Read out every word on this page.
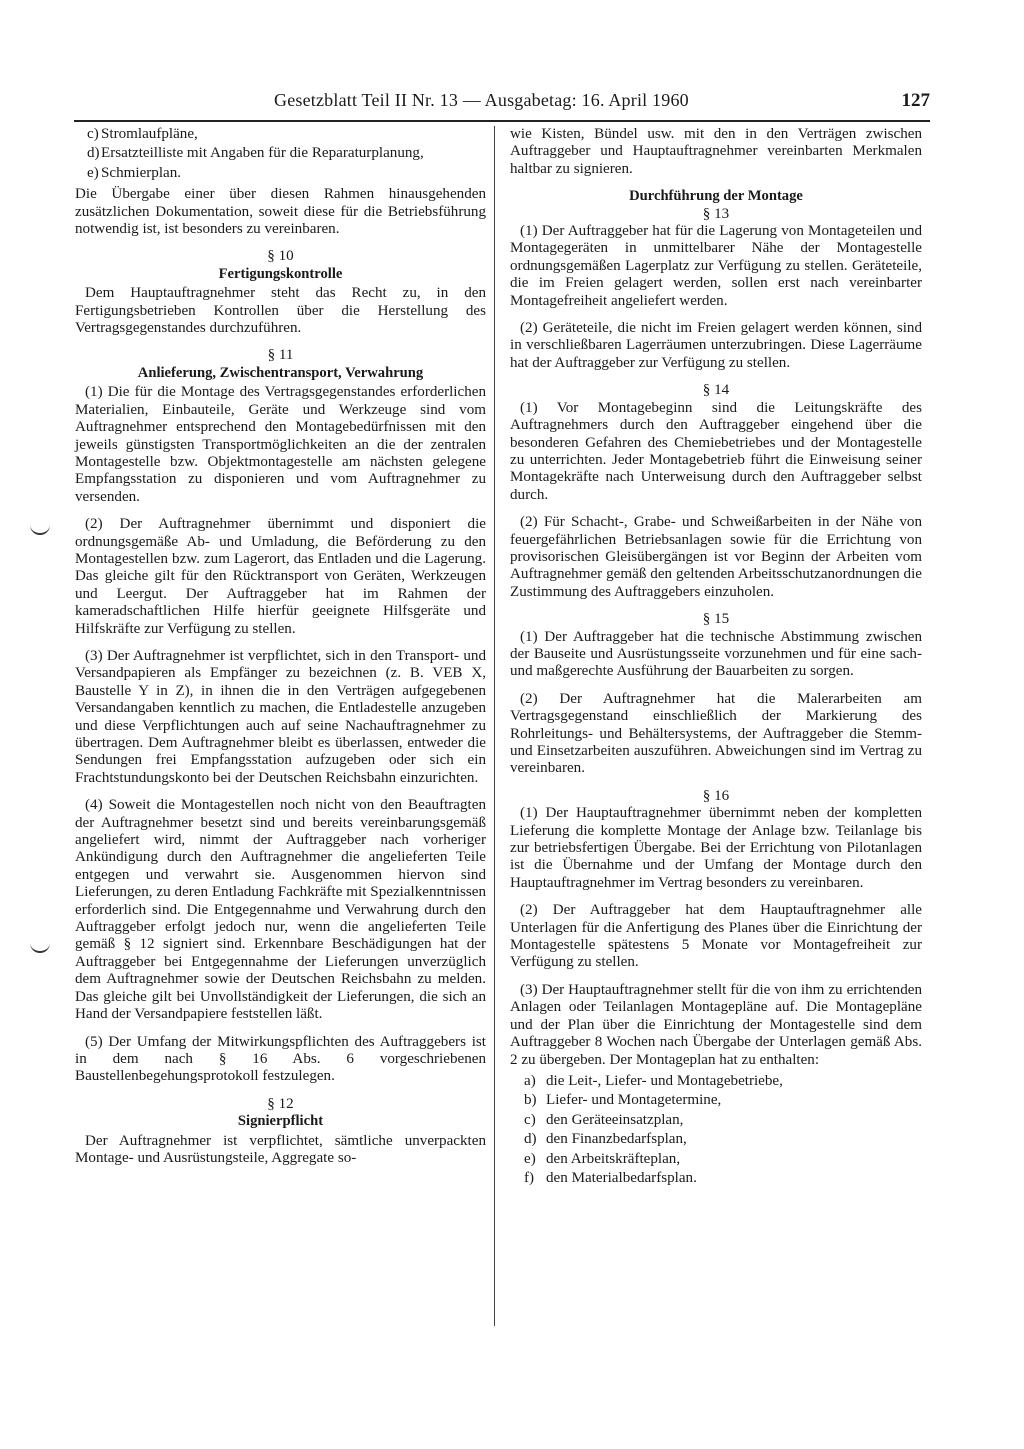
Gesetzblatt Teil II Nr. 13 — Ausgabetag: 16. April 1960	127
c) Stromlaufpläne,
d) Ersatzteilliste mit Angaben für die Reparaturplanung,
e) Schmierplan.

Die Übergabe einer über diesen Rahmen hinausgehenden zusätzlichen Dokumentation, soweit diese für die Betriebsführung notwendig ist, ist besonders zu vereinbaren.

§ 10
Fertigungskontrolle

Dem Hauptauftragnehmer steht das Recht zu, in den Fertigungsbetrieben Kontrollen über die Herstellung des Vertragsgegenstandes durchzuführen.

§ 11
Anlieferung, Zwischentransport, Verwahrung

(1) Die für die Montage des Vertragsgegenstandes erforderlichen Materialien, Einbauteile, Geräte und Werkzeuge sind vom Auftragnehmer entsprechend den Montagebedürfnissen mit den jeweils günstigsten Transportmöglichkeiten an die der zentralen Montagestelle bzw. Objektmontagestelle am nächsten gelegene Empfangsstation zu disponieren und vom Auftragnehmer zu versenden.

(2) Der Auftragnehmer übernimmt und disponiert die ordnungsgemäße Ab- und Umladung, die Beförderung zu den Montagestellen bzw. zum Lagerort, das Entladen und die Lagerung. Das gleiche gilt für den Rücktransport von Geräten, Werkzeugen und Leergut. Der Auftraggeber hat im Rahmen der kameradschaftlichen Hilfe hierfür geeignete Hilfsgeräte und Hilfskräfte zur Verfügung zu stellen.

(3) Der Auftragnehmer ist verpflichtet, sich in den Transport- und Versandpapieren als Empfänger zu bezeichnen (z. B. VEB X, Baustelle Y in Z), in ihnen die in den Verträgen aufgegebenen Versandangaben kenntlich zu machen, die Entladestelle anzugeben und diese Verpflichtungen auch auf seine Nachauftragnehmer zu übertragen. Dem Auftragnehmer bleibt es überlassen, entweder die Sendungen frei Empfangsstation aufzugeben oder sich ein Frachtstundungskonto bei der Deutschen Reichsbahn einzurichten.

(4) Soweit die Montagestellen noch nicht von den Beauftragten der Auftragnehmer besetzt sind und bereits vereinbarungsgemäß angeliefert wird, nimmt der Auftraggeber nach vorheriger Ankündigung durch den Auftragnehmer die angelieferten Teile entgegen und verwahrt sie. Ausgenommen hiervon sind Lieferungen, zu deren Entladung Fachkräfte mit Spezialkenntnissen erforderlich sind. Die Entgegennahme und Verwahrung durch den Auftraggeber erfolgt jedoch nur, wenn die angelieferten Teile gemäß § 12 signiert sind. Erkennbare Beschädigungen hat der Auftraggeber bei Entgegennahme der Lieferungen unverzüglich dem Auftragnehmer sowie der Deutschen Reichsbahn zu melden. Das gleiche gilt bei Unvollständigkeit der Lieferungen, die sich an Hand der Versandpapiere feststellen läßt.

(5) Der Umfang der Mitwirkungspflichten des Auftraggebers ist in dem nach § 16 Abs. 6 vorgeschriebenen Baustellenbegehungsprotokoll festzulegen.

§ 12
Signierpflicht

Der Auftragnehmer ist verpflichtet, sämtliche unverpackten Montage- und Ausrüstungsteile, Aggregate so-

wie Kisten, Bündel usw. mit den in den Verträgen zwischen Auftraggeber und Hauptauftragnehmer vereinbarten Merkmalen haltbar zu signieren.

Durchführung der Montage
§ 13

(1) Der Auftraggeber hat für die Lagerung von Montageteilen und Montagegeräten in unmittelbarer Nähe der Montagestelle ordnungsgemäßen Lagerplatz zur Verfügung zu stellen. Geräteteile, die im Freien gelagert werden, sollen erst nach vereinbarter Montagefreiheit angeliefert werden.

(2) Geräteteile, die nicht im Freien gelagert werden können, sind in verschließbaren Lagerräumen unterzubringen. Diese Lagerräume hat der Auftraggeber zur Verfügung zu stellen.

§ 14

(1) Vor Montagebeginn sind die Leitungskräfte des Auftragnehmers durch den Auftraggeber eingehend über die besonderen Gefahren des Chemiebetriebes und der Montagestelle zu unterrichten. Jeder Montagebetrieb führt die Einweisung seiner Montagekräfte nach Unterweisung durch den Auftraggeber selbst durch.

(2) Für Schacht-, Grabe- und Schweißarbeiten in der Nähe von feuergefährlichen Betriebsanlagen sowie für die Errichtung von provisorischen Gleisübergängen ist vor Beginn der Arbeiten vom Auftragnehmer gemäß den geltenden Arbeitsschutzanordnungen die Zustimmung des Auftraggebers einzuholen.

§ 15

(1) Der Auftraggeber hat die technische Abstimmung zwischen der Bauseite und Ausrüstungsseite vorzunehmen und für eine sach- und maßgerechte Ausführung der Bauarbeiten zu sorgen.

(2) Der Auftragnehmer hat die Malerarbeiten am Vertragsgegenstand einschließlich der Markierung des Rohrleitungs- und Behältersystems, der Auftraggeber die Stemm- und Einsetzarbeiten auszuführen. Abweichungen sind im Vertrag zu vereinbaren.

§ 16

(1) Der Hauptauftragnehmer übernimmt neben der kompletten Lieferung die komplette Montage der Anlage bzw. Teilanlage bis zur betriebsfertigen Übergabe. Bei der Errichtung von Pilotanlagen ist die Übernahme und der Umfang der Montage durch den Hauptauftragnehmer im Vertrag besonders zu vereinbaren.

(2) Der Auftraggeber hat dem Hauptauftragnehmer alle Unterlagen für die Anfertigung des Planes über die Einrichtung der Montagestelle spätestens 5 Monate vor Montagefreiheit zur Verfügung zu stellen.

(3) Der Hauptauftragnehmer stellt für die von ihm zu errichtenden Anlagen oder Teilanlagen Montagepläne auf. Die Montagepläne und der Plan über die Einrichtung der Montagestelle sind dem Auftraggeber 8 Wochen nach Übergabe der Unterlagen gemäß Abs. 2 zu übergeben. Der Montageplan hat zu enthalten:

a) die Leit-, Liefer- und Montagebetriebe,
b) Liefer- und Montagetermine,
c) den Geräteeinsatzplan,
d) den Finanzbedarfsplan,
e) den Arbeitskräfteplan,
f) den Materialbedarfsplan.
